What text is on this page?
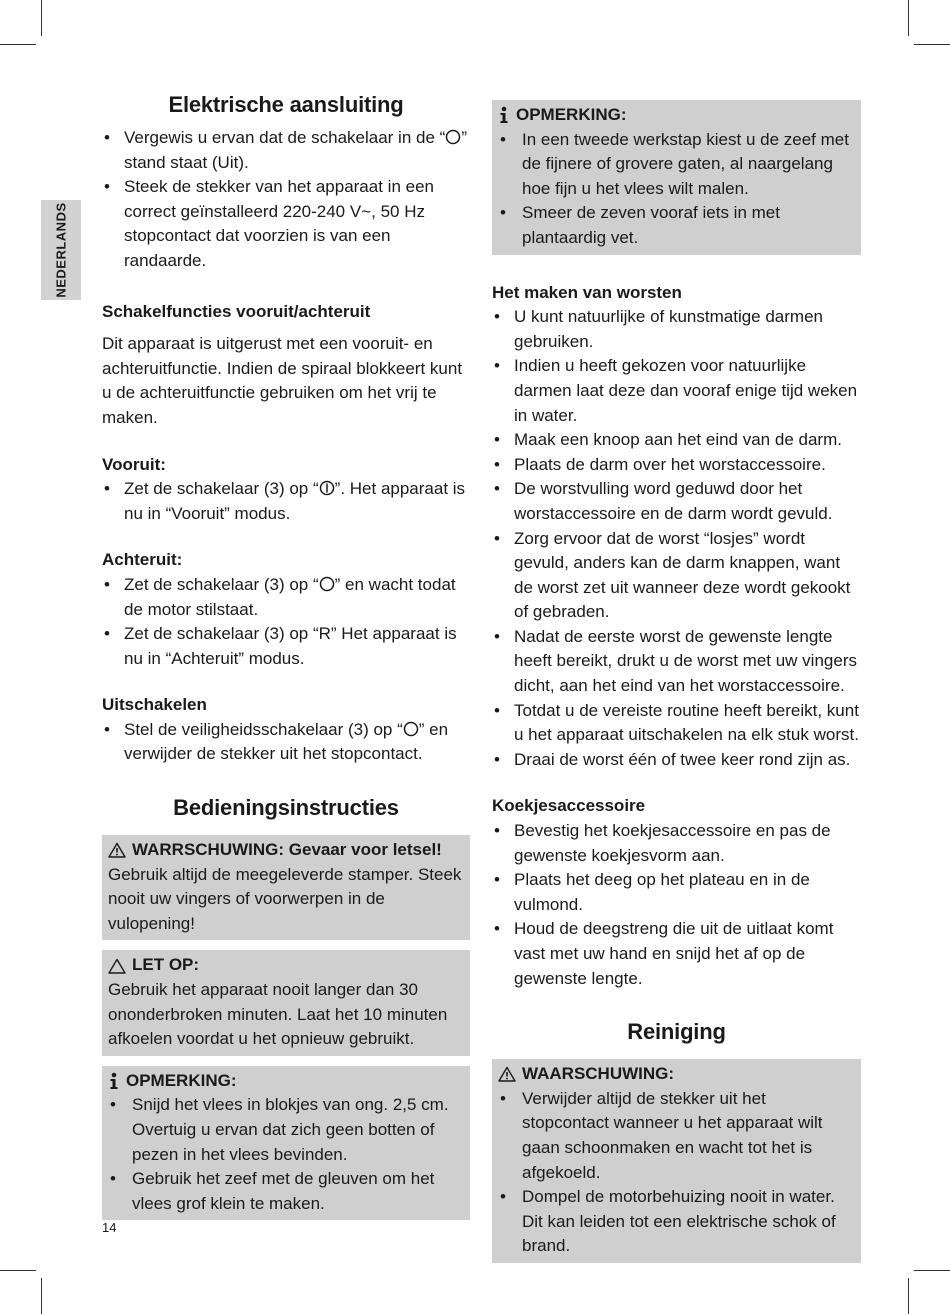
NEDERLANDS
Elektrische aansluiting
• Vergewis u ervan dat de schakelaar in de “ ” stand staat (Uit).
• Steek de stekker van het apparaat in een correct geïnstalleerd 220-240 V~, 50 Hz stopcontact dat voorzien is van een randaarde.
Schakelfuncties vooruit/achteruit

Dit apparaat is uitgerust met een vooruit- en achteruitfunctie. Indien de spiraal blokkeert kunt u de achteruitfunctie gebruiken om het vrij te maken.

Vooruit:
• Zet de schakelaar (3) op “ ”. Het apparaat is nu in “Vooruit” modus.
Achteruit:
• Zet de schakelaar (3) op “ ” en wacht todat de motor stilstaat.
• Zet de schakelaar (3) op “R” Het apparaat is nu in “Achteruit” modus.
Uitschakelen
• Stel de veiligheidsschakelaar (3) op “ ” en verwijder de stekker uit het stopcontact.
Bedieningsinstructies
WARRSCHUWING: Gevaar voor letsel!

Gebruik altijd de meegeleverde stamper. Steek nooit uw vingers of voorwerpen in de vulopening!

LET OP:

Gebruik het apparaat nooit langer dan 30 ononderbroken minuten. Laat het 10 minuten afkoelen voordat u het opnieuw gebruikt.

OPMERKING:
• Snijd het vlees in blokjes van ong. 2,5 cm. Overtuig u ervan dat zich geen botten of pezen in het vlees bevinden.
• Gebruik het zeef met de gleuven om het vlees grof klein te maken.
OPMERKING:
• In een tweede werkstap kiest u de zeef met de fijnere of grovere gaten, al naargelang hoe fijn u het vlees wilt malen.
• Smeer de zeven vooraf iets in met plantaardig vet.
Het maken van worsten
• U kunt natuurlijke of kunstmatige darmen gebruiken.
• Indien u heeft gekozen voor natuurlijke darmen laat deze dan vooraf enige tijd weken in water.
• Maak een knoop aan het eind van de darm.
• Plaats de darm over het worstaccessoire.
• De worstvulling word geduwd door het worstaccessoire en de darm wordt gevuld.
• Zorg ervoor dat de worst “losjes” wordt gevuld, anders kan de darm knappen, want de worst zet uit wanneer deze wordt gekookt of gebraden.
• Nadat de eerste worst de gewenste lengte heeft bereikt, drukt u de worst met uw vingers dicht, aan het eind van het worstaccessoire.
• Totdat u de vereiste routine heeft bereikt, kunt u het apparaat uitschakelen na elk stuk worst.
• Draai de worst één of twee keer rond zijn as.
Koekjesaccessoire
• Bevestig het koekjesaccessoire en pas de gewenste koekjesvorm aan.
• Plaats het deeg op het plateau en in de vulmond.
• Houd de deegstreng die uit de uitlaat komt vast met uw hand en snijd het af op de gewenste lengte.
Reiniging
WAARSCHUWING:
• Verwijder altijd de stekker uit het stopcontact wanneer u het apparaat wilt gaan schoonmaken en wacht tot het is afgekoeld.
• Dompel de motorbehuizing nooit in water. Dit kan leiden tot een elektrische schok of brand.
14
